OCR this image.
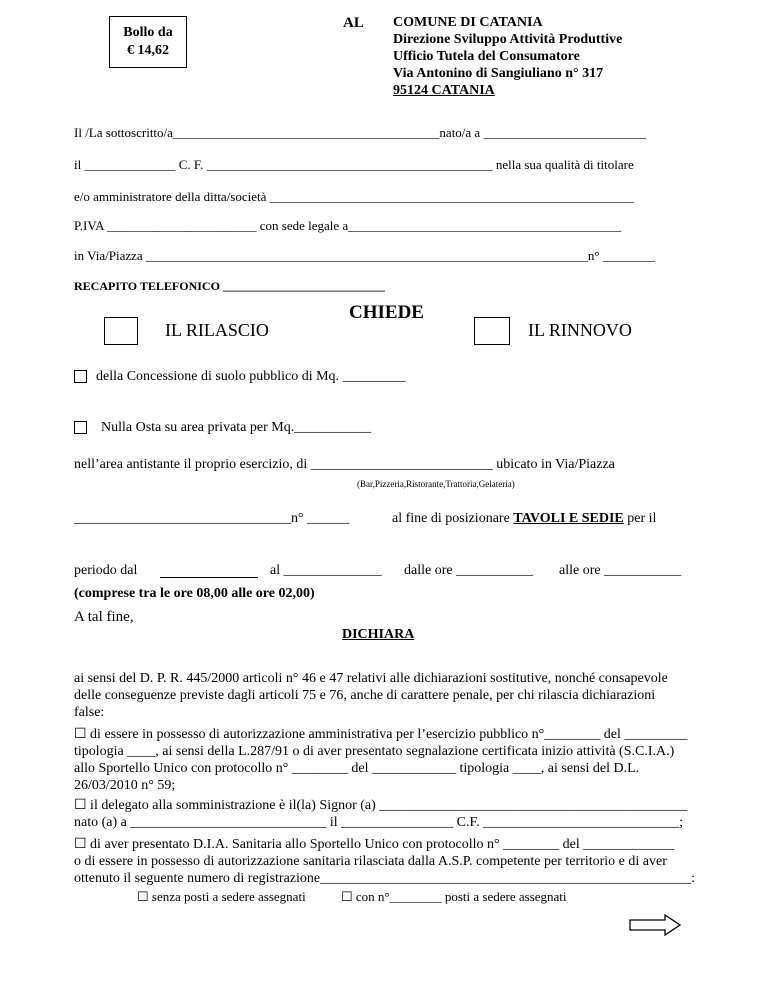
Bollo da
€ 14,62
AL COMUNE DI CATANIA
Direzione Sviluppo Attività Produttive
Ufficio Tutela del Consumatore
Via Antonino di Sangiuliano n° 317
95124 CATANIA
Il /La sottoscritto/a_________________________________________nato/a a _________________________
il ______________ C. F. ____________________________________________ nella sua qualità di titolare
e/o amministratore della ditta/società ________________________________________________________
P.IVA _______________________ con sede legale a__________________________________________
in Via/Piazza ____________________________________________________________________n° ________
RECAPITO TELEFONICO ___________________________
CHIEDE
IL RILASCIO	IL RINNOVO
della Concessione di suolo pubblico di Mq. _________
Nulla Osta su area privata per Mq.___________
nell’area antistante il proprio esercizio, di __________________________ ubicato in Via/Piazza
(Bar,Pizzeria,Ristorante,Trattoria,Gelateria)
_______________________________n° ______	al fine di posizionare TAVOLI E SEDIE per il
periodo dal	al ______________ dalle ore ___________ alle ore ___________
(comprese tra le ore 08,00 alle ore 02,00)
A tal fine,
DICHIARA
ai sensi del D. P. R. 445/2000 articoli n° 46 e 47 relativi alle dichiarazioni sostitutive, nonché consapevole
delle conseguenze previste dagli articoli 75 e 76, anche di carattere penale, per chi rilascia dichiarazioni
false:
☐ di essere in possesso di autorizzazione amministrativa per l’esercizio pubblico n°________ del _________
tipologia ____, ai sensi della L.287/91 o di aver presentato segnalazione certificata inizio attività (S.C.I.A.)
allo Sportello Unico con protocollo n° ________ del ____________ tipologia ____, ai sensi del D.L.
26/03/2010 n° 59;
☐ il delegato alla somministrazione è il(la) Signor (a) ____________________________________________
nato (a) a ____________________________ il ________________ C.F. ____________________________;
☐ di aver presentato D.I.A. Sanitaria allo Sportello Unico con protocollo n° ________ del _____________
o di essere in possesso di autorizzazione sanitaria rilasciata dalla A.S.P. competente per territorio e di aver
ottenuto il seguente numero di registrazione_____________________________________________________:
☐ senza posti a sedere assegnati	☐ con n°________ posti a sedere assegnati
